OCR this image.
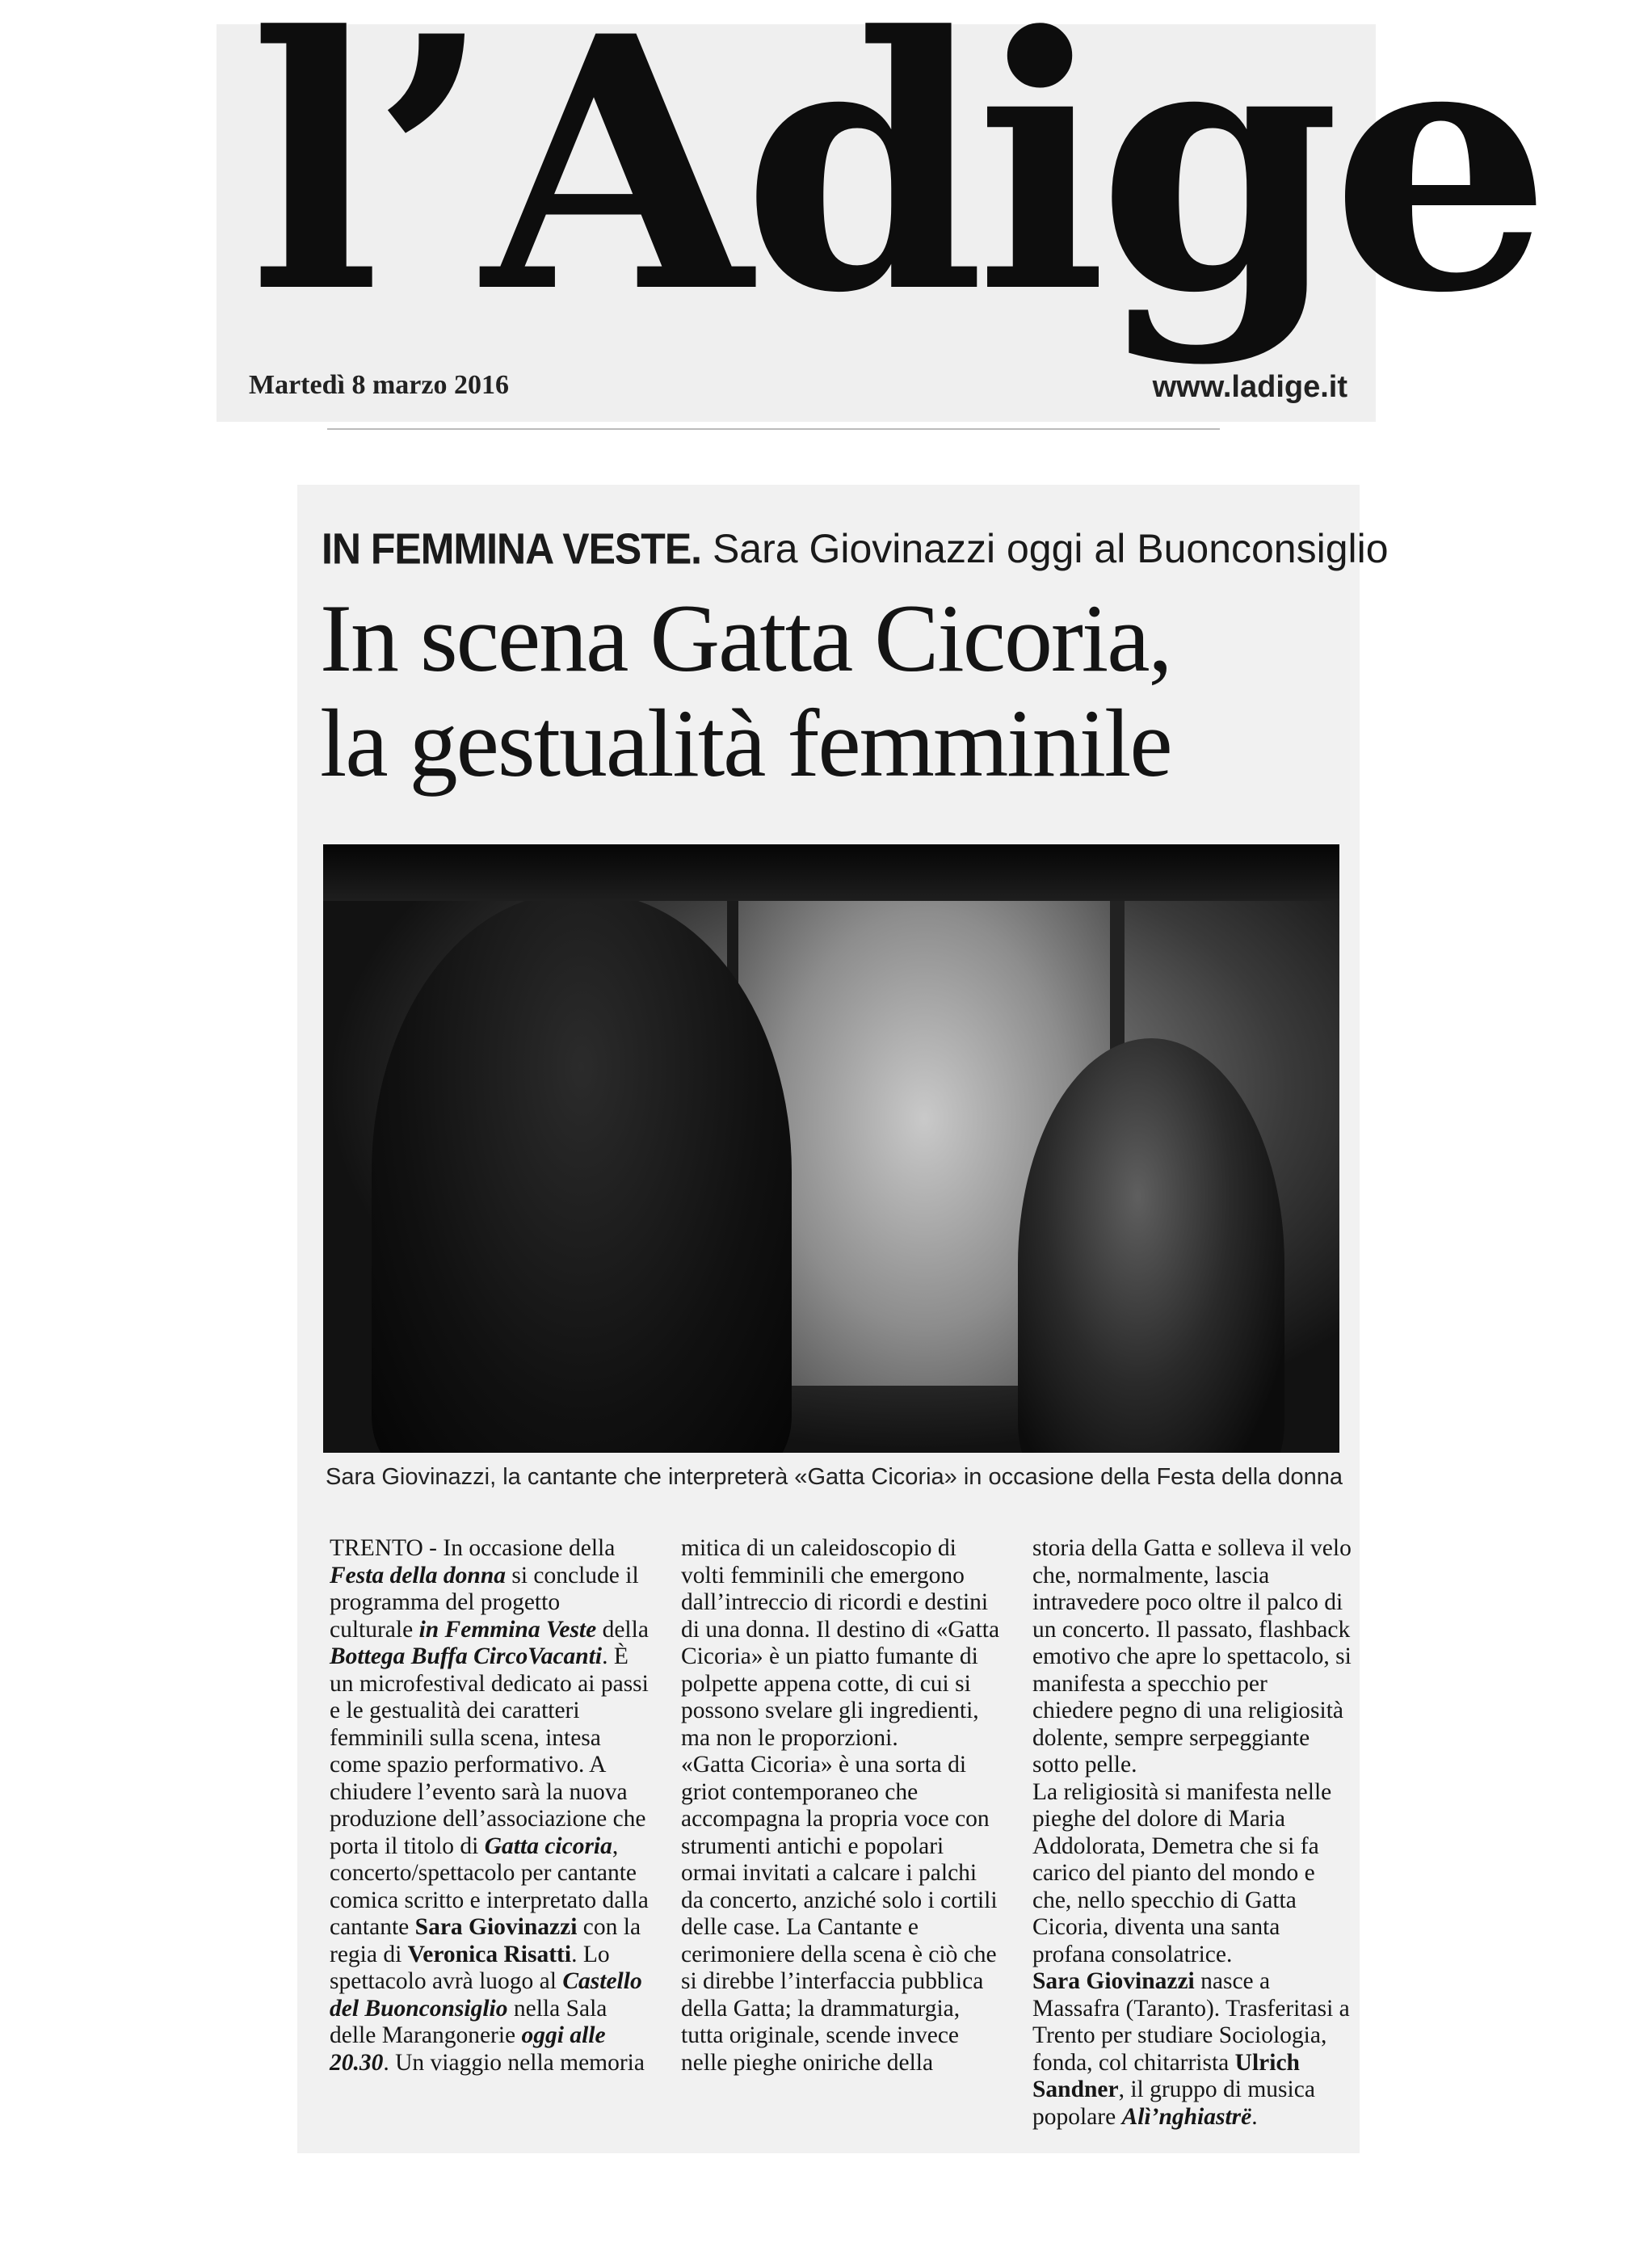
l’Adige
Martedì 8 marzo 2016	www.ladige.it
IN FEMMINA VESTE. Sara Giovinazzi oggi al Buonconsiglio
In scena Gatta Cicoria,
la gestualità femminile
Sara Giovinazzi, la cantante che interpreterà «Gatta Cicoria» in occasione della Festa della donna

TRENTO - In occasione della Festa della donna si conclude il programma del progetto culturale in Femmina Veste della Bottega Buffa CircoVacanti. È un microfestival dedicato ai passi e le gestualità dei caratteri femminili sulla scena, intesa come spazio performativo. A chiudere l’evento sarà la nuova produzione dell’associazione che porta il titolo di Gatta cicoria, concerto/spettacolo per cantante comica scritto e interpretato dalla cantante Sara Giovinazzi con la regia di Veronica Risatti. Lo spettacolo avrà luogo al Castello del Buonconsiglio nella Sala delle Marangonerie oggi alle 20.30. Un viaggio nella memoria

mitica di un caleidoscopio di volti femminili che emergono dall’intreccio di ricordi e destini di una donna. Il destino di «Gatta Cicoria» è un piatto fumante di polpette appena cotte, di cui si possono svelare gli ingredienti, ma non le proporzioni.

«Gatta Cicoria» è una sorta di griot contemporaneo che accompagna la propria voce con strumenti antichi e popolari ormai invitati a calcare i palchi da concerto, anziché solo i cortili delle case. La Cantante e cerimoniere della scena è ciò che si direbbe l’interfaccia pubblica della Gatta; la drammaturgia, tutta originale, scende invece nelle pieghe oniriche della

storia della Gatta e solleva il velo che, normalmente, lascia intravedere poco oltre il palco di un concerto. Il passato, flashback emotivo che apre lo spettacolo, si manifesta a specchio per chiedere pegno di una religiosità dolente, sempre serpeggiante sotto pelle.

La religiosità si manifesta nelle pieghe del dolore di Maria Addolorata, Demetra che si fa carico del pianto del mondo e che, nello specchio di Gatta Cicoria, diventa una santa profana consolatrice.

Sara Giovinazzi nasce a Massafra (Taranto). Trasferitasi a Trento per studiare Sociologia, fonda, col chitarrista Ulrich Sandner, il gruppo di musica popolare Alì’nghiastrë.
